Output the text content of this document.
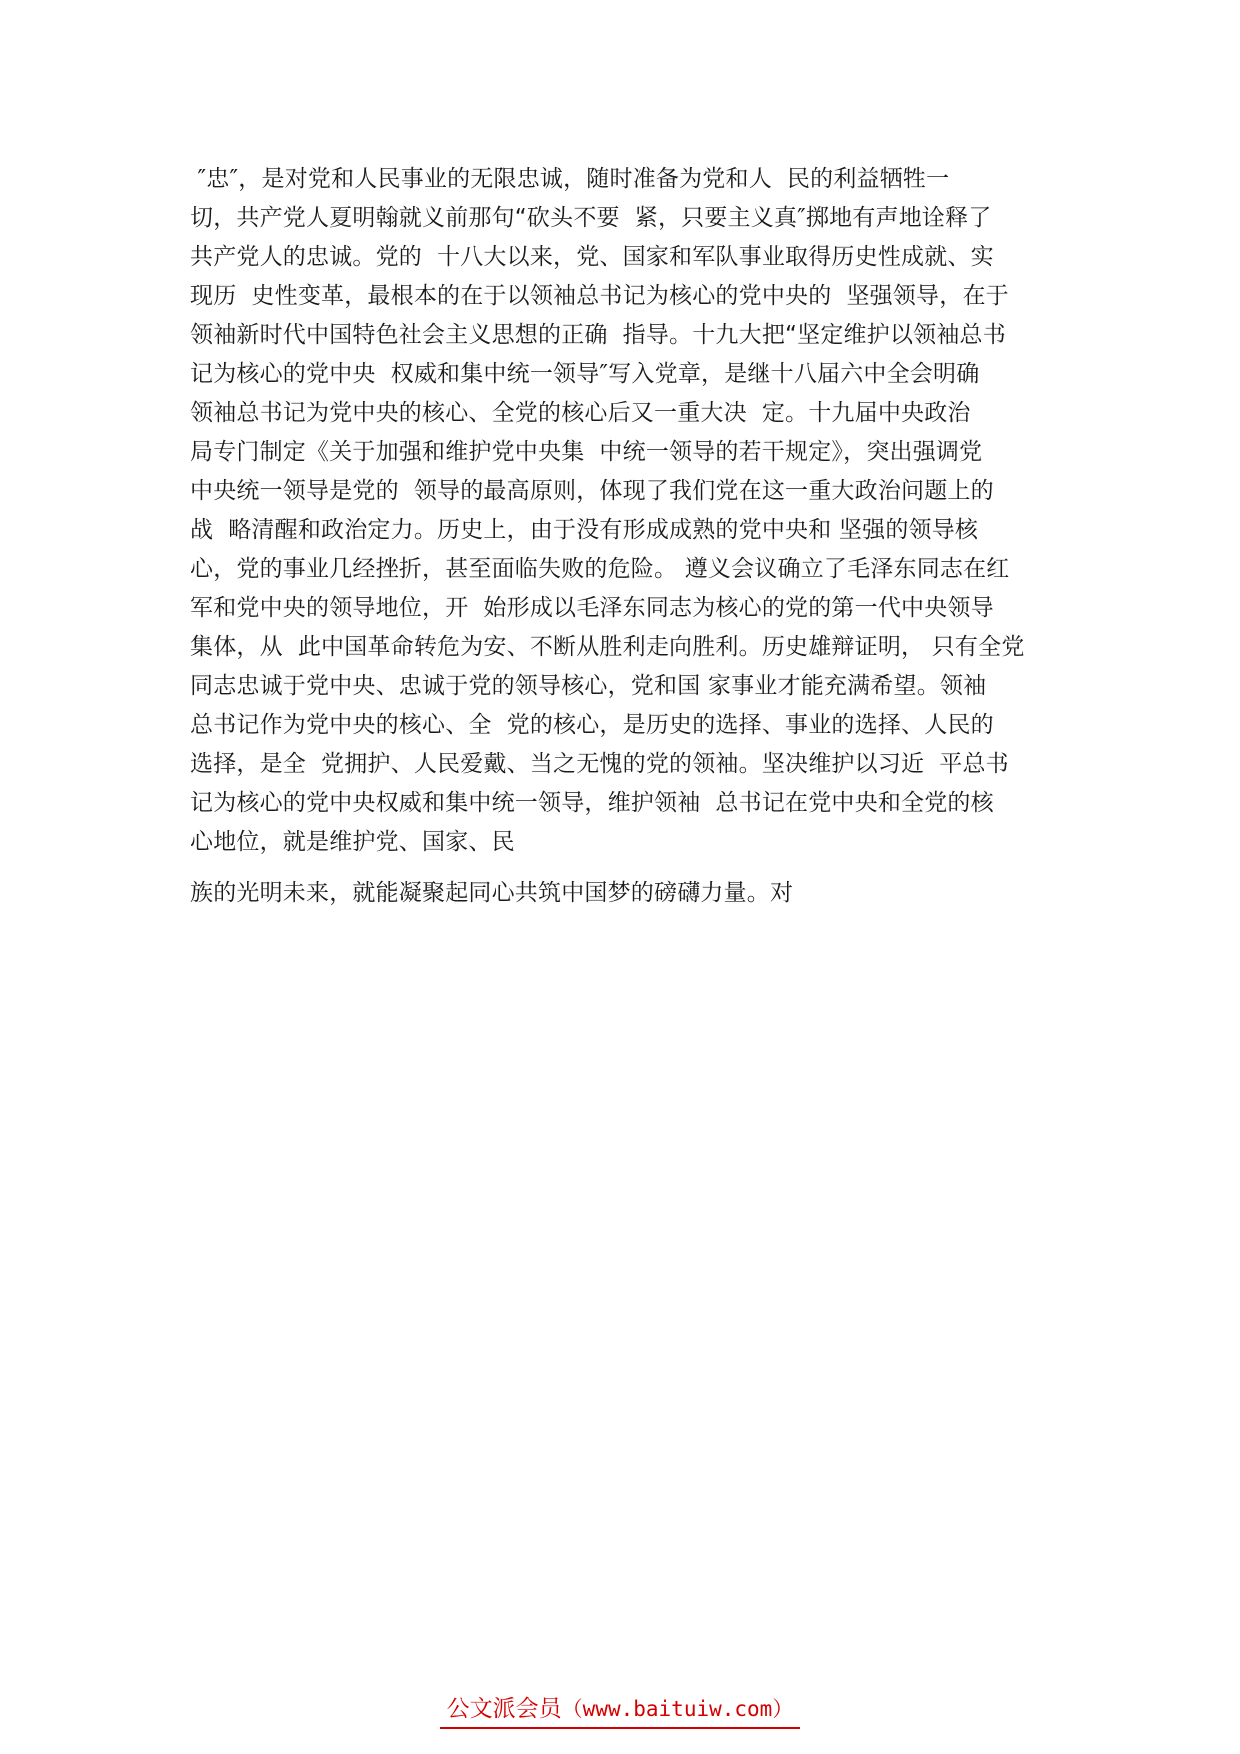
″忠″，是对党和人民事业的无限忠诚，随时准备为党和人  民的利益牺牲一
切，共产党人夏明翰就义前那句“砍头不要  紧，只要主义真″掷地有声地诠释了
共产党人的忠诚。党的  十八大以来，党、国家和军队事业取得历史性成就、实
现历  史性变革，最根本的在于以领袖总书记为核心的党中央的  坚强领导，在于
领袖新时代中国特色社会主义思想的正确  指导。十九大把“坚定维护以领袖总书
记为核心的党中央  权威和集中统一领导″写入党章，是继十八届六中全会明确
领袖总书记为党中央的核心、全党的核心后又一重大决  定。十九届中央政治
局专门制定《关于加强和维护党中央集  中统一领导的若干规定》，突出强调党
中央统一领导是党的  领导的最高原则，体现了我们党在这一重大政治问题上的
战  略清醒和政治定力。历史上，由于没有形成成熟的党中央和 坚强的领导核
心，党的事业几经挫折，甚至面临失败的危险。 遵义会议确立了毛泽东同志在红
军和党中央的领导地位，开  始形成以毛泽东同志为核心的党的第一代中央领导
集体，从  此中国革命转危为安、不断从胜利走向胜利。历史雄辩证明， 只有全党
同志忠诚于党中央、忠诚于党的领导核心，党和国 家事业才能充满希望。领袖
总书记作为党中央的核心、全  党的核心，是历史的选择、事业的选择、人民的
选择，是全  党拥护、人民爱戴、当之无愧的党的领袖。坚决维护以习近  平总书
记为核心的党中央权威和集中统一领导，维护领袖  总书记在党中央和全党的核
心地位，就是维护党、国家、民
族的光明未来，就能凝聚起同心共筑中国梦的磅礴力量。对
公文派会员（www.baituiw.com）
